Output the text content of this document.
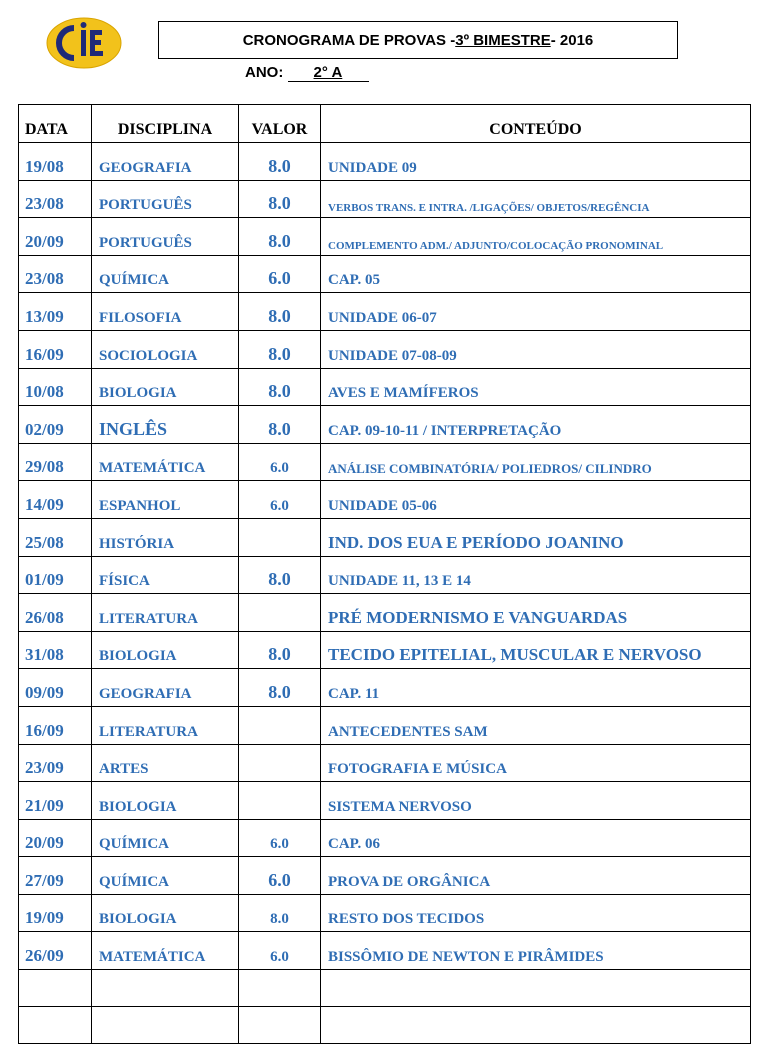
CRONOGRAMA DE PROVAS - 3º BIMESTRE - 2016
ANO: 2° A
DATA	DISCIPLINA	VALOR	CONTEÚDO
19/08	GEOGRAFIA	8.0	UNIDADE 09
23/08	PORTUGUÊS	8.0	VERBOS TRANS. E INTRA. /LIGAÇÕES/ OBJETOS/REGÊNCIA
20/09	PORTUGUÊS	8.0	COMPLEMENTO ADM./ ADJUNTO/COLOCAÇÃO PRONOMINAL
23/08	QUÍMICA	6.0	CAP. 05
13/09	FILOSOFIA	8.0	UNIDADE 06-07
16/09	SOCIOLOGIA	8.0	UNIDADE 07-08-09
10/08	BIOLOGIA	8.0	AVES E MAMÍFEROS
02/09	INGLÊS	8.0	CAP. 09-10-11 / INTERPRETAÇÃO
29/08	MATEMÁTICA	6.0	ANÁLISE COMBINATÓRIA/ POLIEDROS/ CILINDRO
14/09	ESPANHOL	6.0	UNIDADE 05-06
25/08	HISTÓRIA		IND. DOS EUA E PERÍODO JOANINO
01/09	FÍSICA	8.0	UNIDADE 11, 13 E 14
26/08	LITERATURA		PRÉ MODERNISMO E VANGUARDAS
31/08	BIOLOGIA	8.0	TECIDO EPITELIAL, MUSCULAR E NERVOSO
09/09	GEOGRAFIA	8.0	CAP. 11
16/09	LITERATURA		ANTECEDENTES SAM
23/09	ARTES		FOTOGRAFIA E MÚSICA
21/09	BIOLOGIA		SISTEMA NERVOSO
20/09	QUÍMICA	6.0	CAP. 06
27/09	QUÍMICA	6.0	PROVA DE ORGÂNICA
19/09	BIOLOGIA	8.0	RESTO DOS TECIDOS
26/09	MATEMÁTICA	6.0	BISSÔMIO DE NEWTON E PIRÂMIDES
